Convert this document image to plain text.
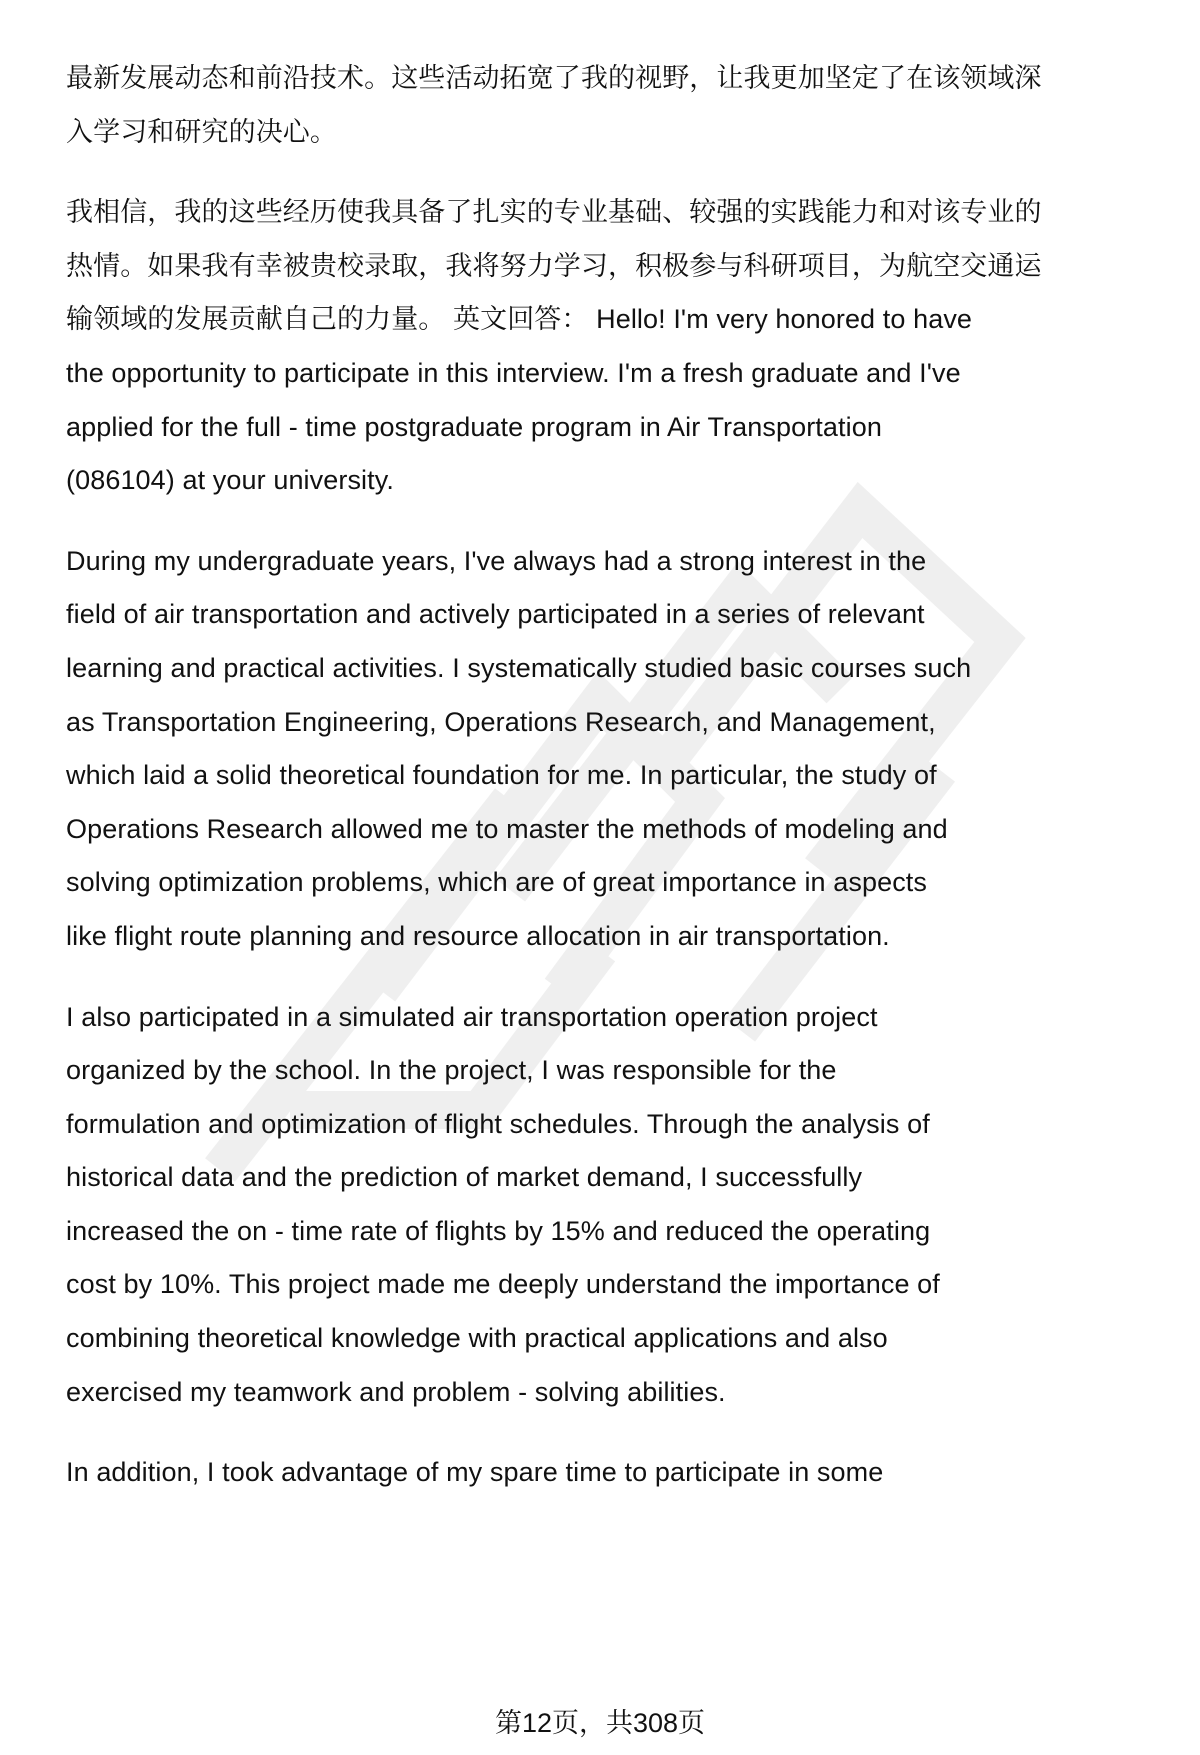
最新发展动态和前沿技术。这些活动拓宽了我的视野，让我更加坚定了在该领域深
入学习和研究的决心。
我相信，我的这些经历使我具备了扎实的专业基础、较强的实践能力和对该专业的
热情。如果我有幸被贵校录取，我将努力学习，积极参与科研项目，为航空交通运
输领域的发展贡献自己的力量。 英文回答： Hello! I'm very honored to have
the opportunity to participate in this interview. I'm a fresh graduate and I've
applied for the full - time postgraduate program in Air Transportation
(086104) at your university.
During my undergraduate years, I've always had a strong interest in the
field of air transportation and actively participated in a series of relevant
learning and practical activities. I systematically studied basic courses such
as Transportation Engineering, Operations Research, and Management,
which laid a solid theoretical foundation for me. In particular, the study of
Operations Research allowed me to master the methods of modeling and
solving optimization problems, which are of great importance in aspects
like flight route planning and resource allocation in air transportation.
I also participated in a simulated air transportation operation project
organized by the school. In the project, I was responsible for the
formulation and optimization of flight schedules. Through the analysis of
historical data and the prediction of market demand, I successfully
increased the on - time rate of flights by 15% and reduced the operating
cost by 10%. This project made me deeply understand the importance of
combining theoretical knowledge with practical applications and also
exercised my teamwork and problem - solving abilities.
In addition, I took advantage of my spare time to participate in some
第12页，共308页
